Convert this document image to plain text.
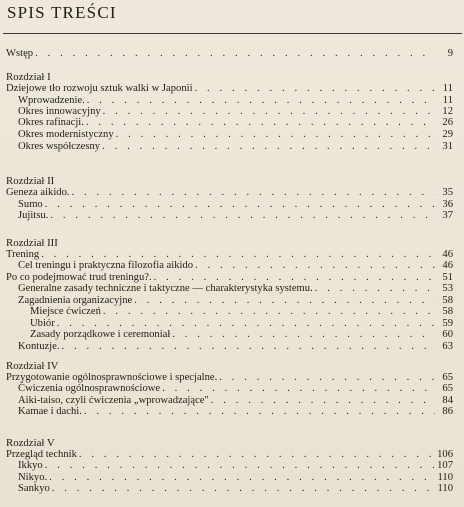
SPIS TREŚCI
Wstęp . . .	9
Rozdział I
Dziejowe tło rozwoju sztuk walki w Japonii . . .	11
Wprowadzenie. . . .	11
Okres innowacyjny . . .	12
Okres rafinacji. . . .	26
Okres modernistyczny . . .	29
Okres współczesny . . .	31
Rozdział II
Geneza aikido. . . .	35
Sumo . . .	36
Jujitsu. . . .	37
Rozdział III
Trening . . .	46
Cel treningu i praktyczna filozofia aikido . . .	46
Po co podejmować trud treningu?. . . .	51
Generalne zasady techniczne i taktyczne — charakterystyka systemu. . . .	53
Zagadnienia organizacyjne . . .	58
Miejsce ćwiczeń . . .	58
Ubiór . . .	59
Zasady porządkowe i ceremoniał . . .	60
Kontuzje. . . .	63
Rozdział IV
Przygotowanie ogólnosprawnościowe i specjalne. . . .	65
Ćwiczenia ogólnosprawnościowe . . .	65
Aiki-taiso, czyli ćwiczenia „wprowadzające" . . .	84
Kamae i dachi. . . .	86
Rozdział V
Przegląd technik . . .	106
Ikkyo . . .	107
Nikyo. . . .	110
Sankyo . . .	110
